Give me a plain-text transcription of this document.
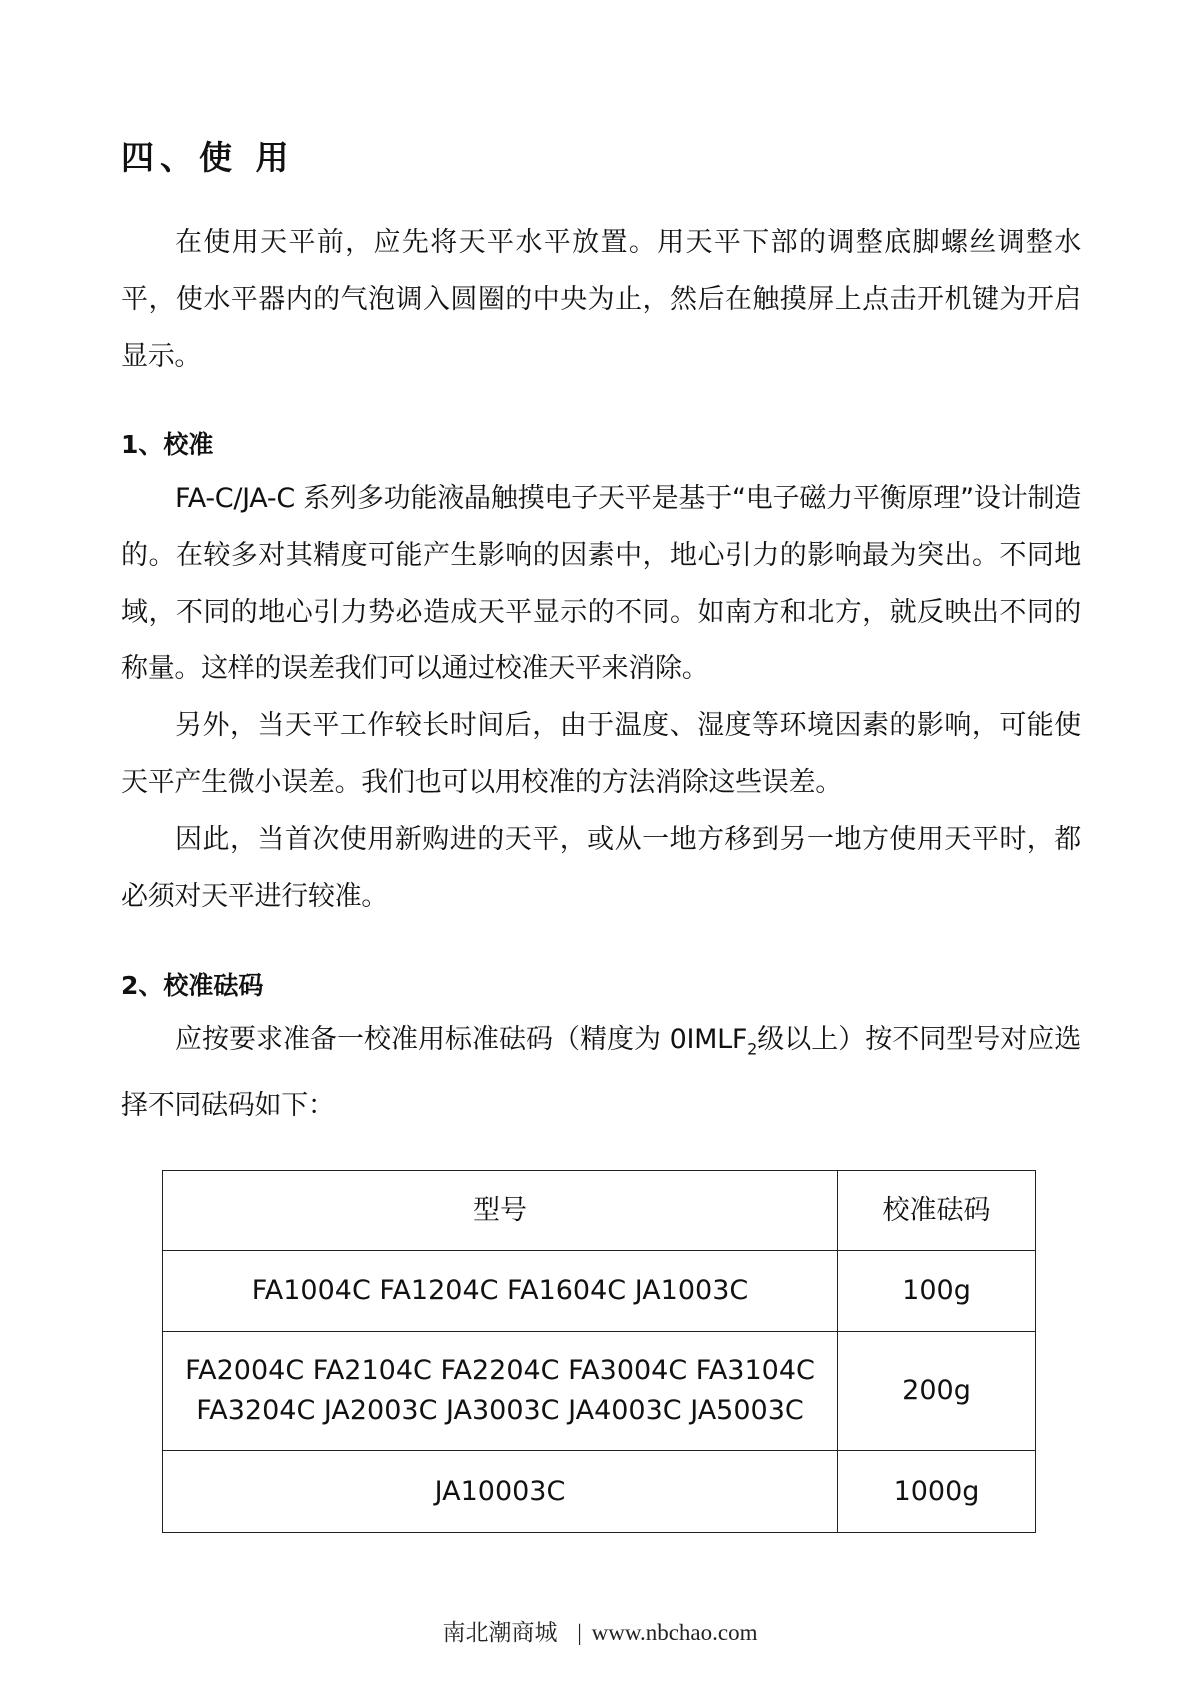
四、使 用

在使用天平前，应先将天平水平放置。用天平下部的调整底脚螺丝调整水平，使水平器内的气泡调入圆圈的中央为止，然后在触摸屏上点击开机键为开启显示。

1、校准

FA-C/JA-C 系列多功能液晶触摸电子天平是基于“电子磁力平衡原理”设计制造的。在较多对其精度可能产生影响的因素中，地心引力的影响最为突出。不同地域，不同的地心引力势必造成天平显示的不同。如南方和北方，就反映出不同的称量。这样的误差我们可以通过校准天平来消除。

另外，当天平工作较长时间后，由于温度、湿度等环境因素的影响，可能使天平产生微小误差。我们也可以用校准的方法消除这些误差。

因此，当首次使用新购进的天平，或从一地方移到另一地方使用天平时，都必须对天平进行较准。

2、校准砝码

应按要求准备一校准用标准砝码（精度为 $0IMLF_2$级以上）按不同型号对应选择不同砝码如下：

型号	校准砝码
FA1004C FA1204C FA1604C JA1003C	100g

FA2004C FA2104C FA2204C FA3004C FA3104C
FA3204C JA2003C JA3003C JA4003C JA5003C	200g
JA10003C	1000g
南北潮商城 | www.nbchao.com
